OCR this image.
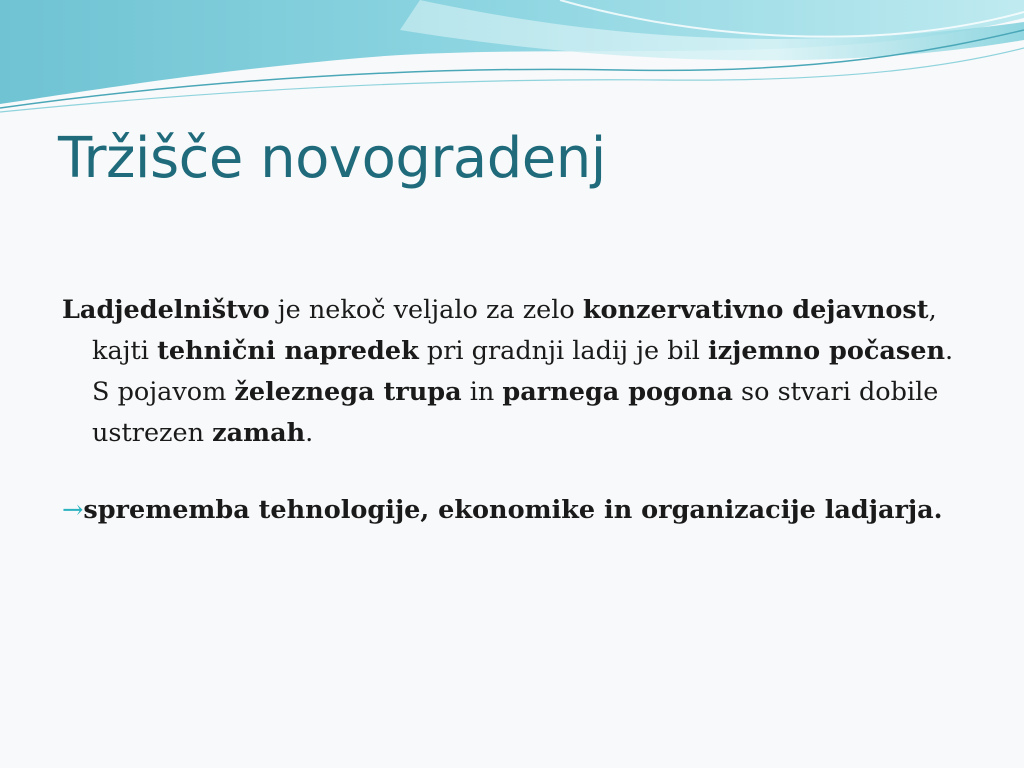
Tržišče novogradenj

Ladjedelništvo je nekoč veljalo za zelo konzervativno dejavnost, kajti tehnični napredek pri gradnji ladij je bil izjemno počasen. S pojavom železnega trupa in parnega pogona so stvari dobile ustrezen zamah.

→sprememba tehnologije, ekonomike in organizacije ladjarja.
